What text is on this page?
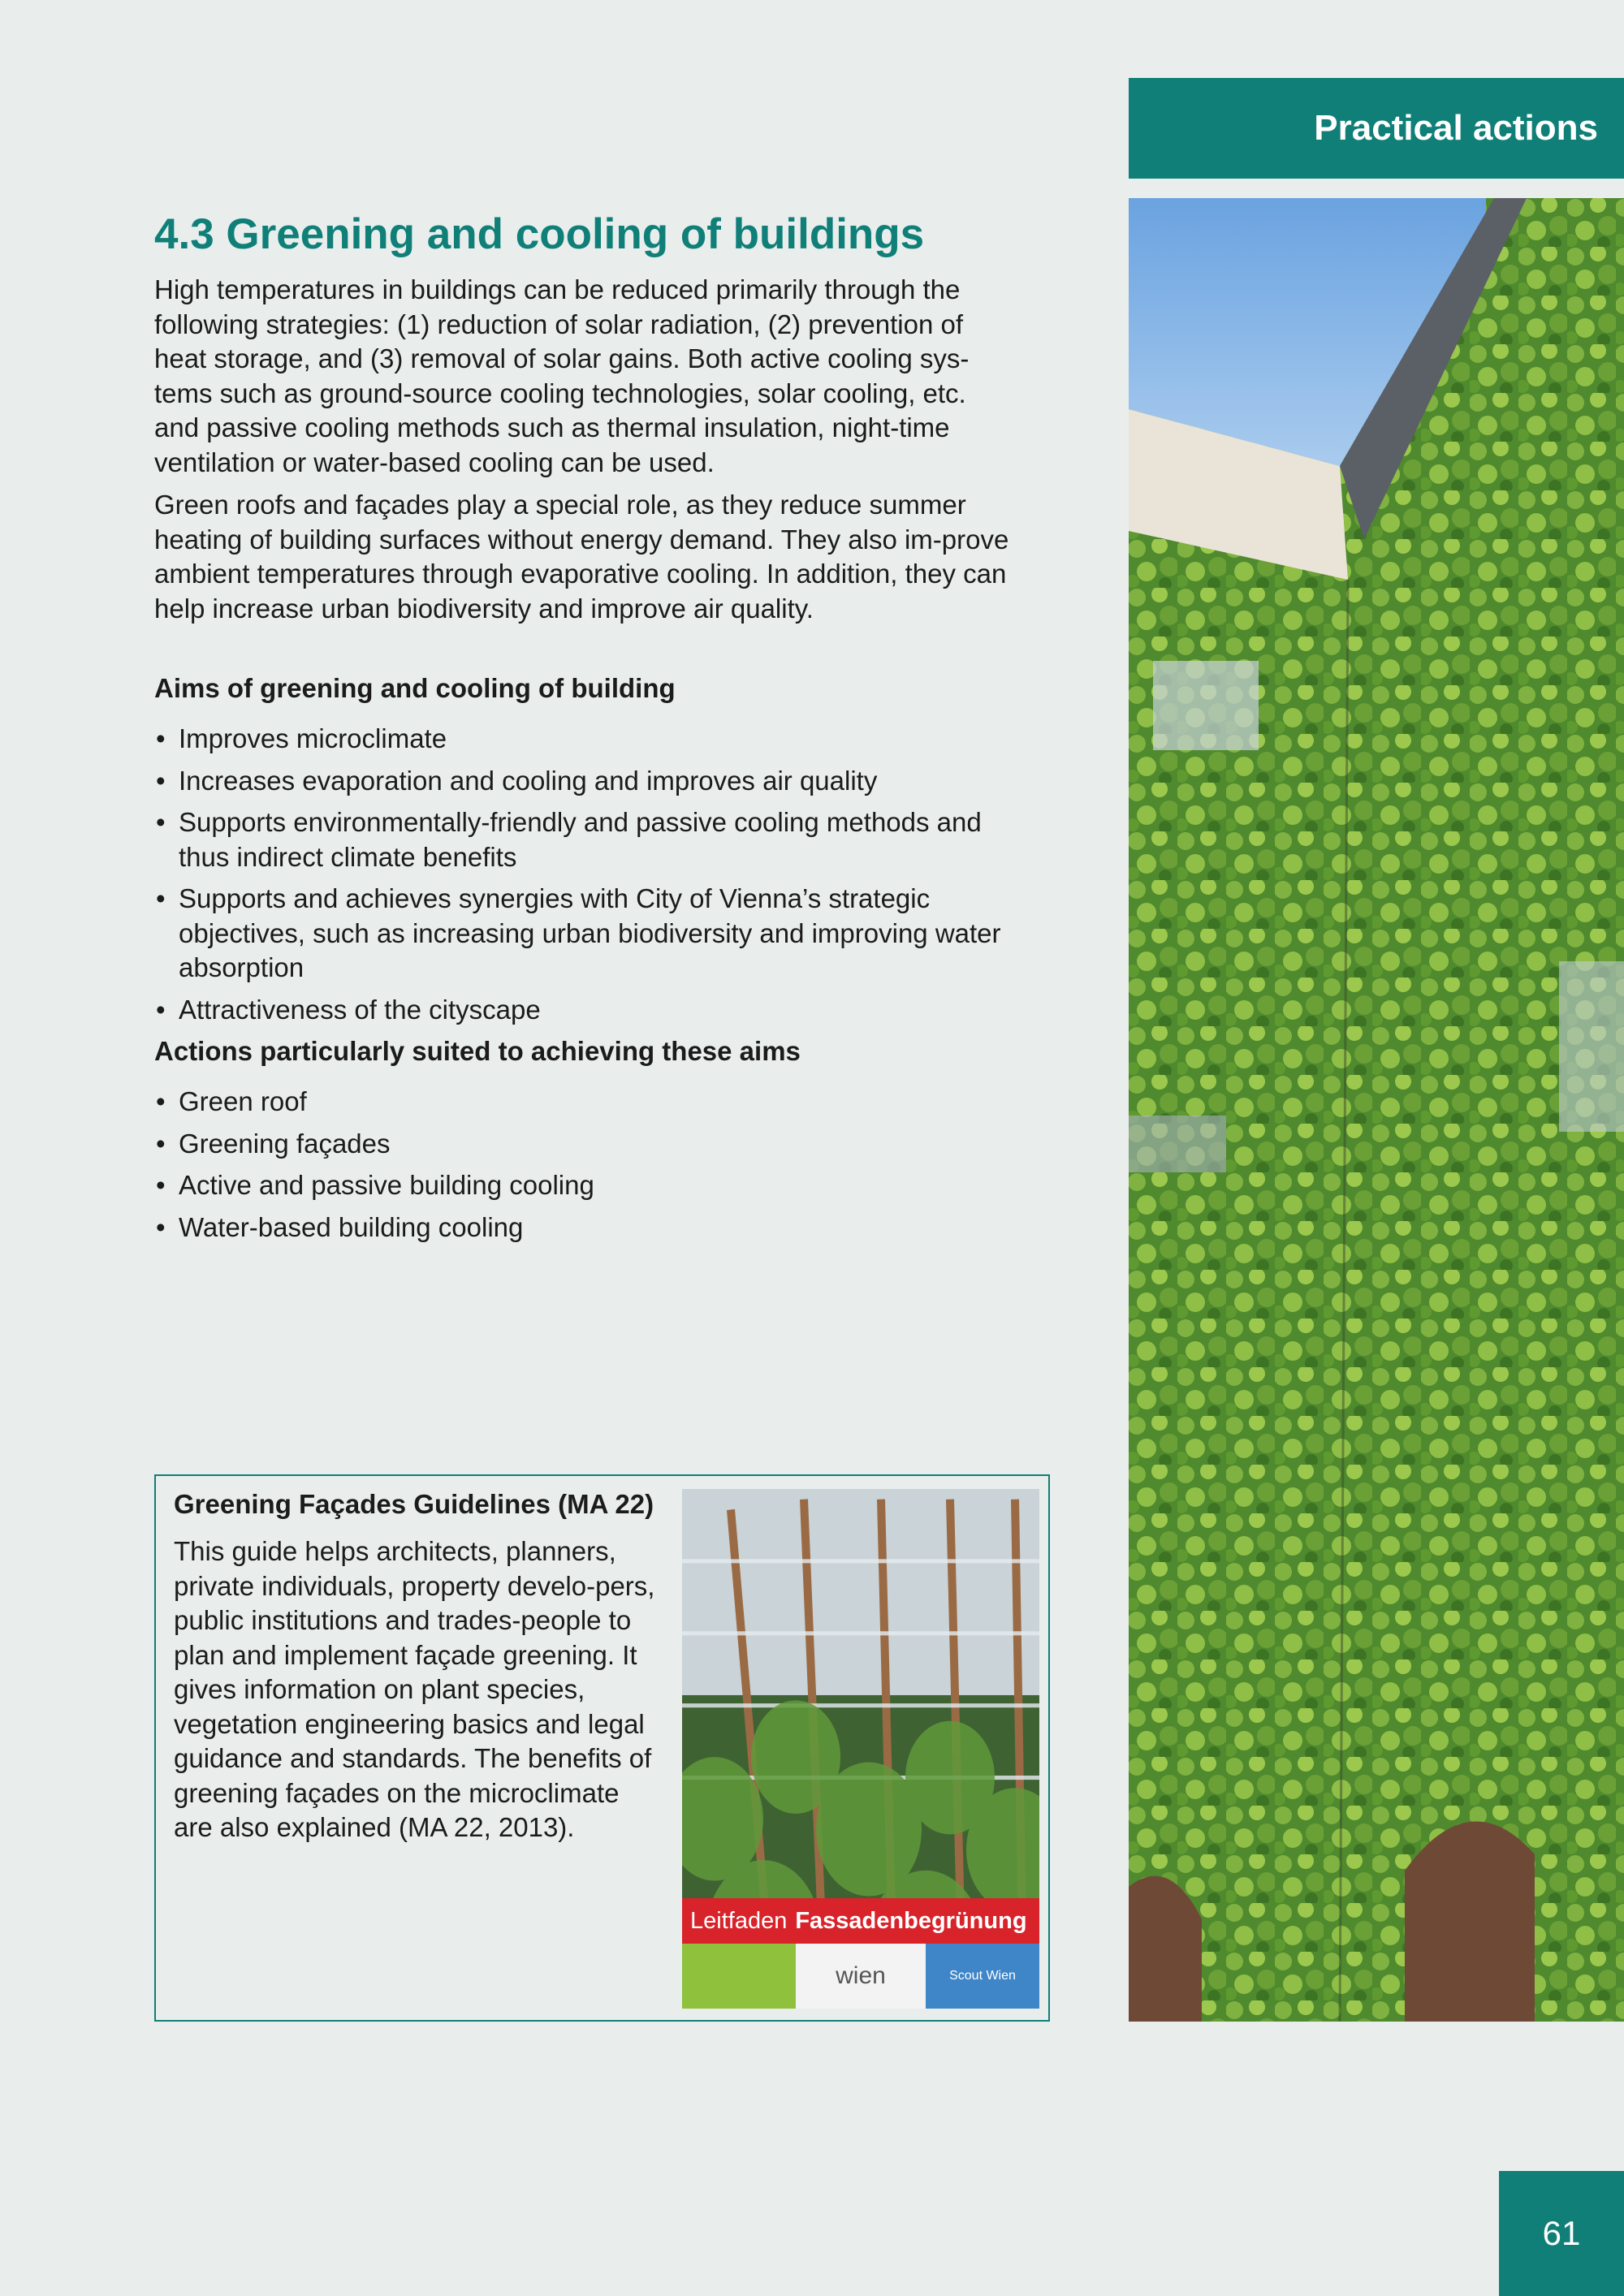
Practical actions
4.3 Greening and cooling of buildings

High temperatures in buildings can be reduced primarily through the following strategies: (1) reduction of solar radiation, (2) prevention of heat storage, and (3) removal of solar gains. Both active cooling sys-tems such as ground-source cooling technologies, solar cooling, etc. and passive cooling methods such as thermal insulation, night-time ventilation or water-based cooling can be used.

Green roofs and façades play a special role, as they reduce summer heating of building surfaces without energy demand. They also im-prove ambient temperatures through evaporative cooling. In addition, they can help increase urban biodiversity and improve air quality.

Aims of greening and cooling of building
• Improves microclimate
• Increases evaporation and cooling and improves air quality
• Supports environmentally-friendly and passive cooling methods and thus indirect climate benefits
• Supports and achieves synergies with City of Vienna’s strategic objectives, such as increasing urban biodiversity and improving water absorption
• Attractiveness of the cityscape
Actions particularly suited to achieving these aims
• Green roof
• Greening façades
• Active and passive building cooling
• Water-based building cooling
Greening Façades Guidelines (MA 22)
This guide helps architects, planners, private individuals, property develo-pers, public institutions and trades-people to plan and implement façade greening. It gives information on plant species, vegetation engineering basics and legal guidance and standards. The benefits of greening façades on the microclimate are also explained (MA 22, 2013).
Leitfaden Fassadenbegrünung
wien	Scout Wien
61
